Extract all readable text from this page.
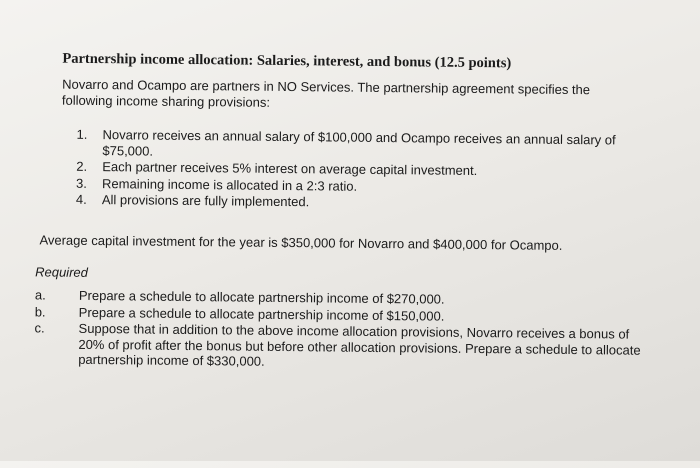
Partnership income allocation: Salaries, interest, and bonus (12.5 points)
Novarro and Ocampo are partners in NO Services. The partnership agreement specifies the following income sharing provisions:
1.	Novarro receives an annual salary of $100,000 and Ocampo receives an annual salary of $75,000.
2.	Each partner receives 5% interest on average capital investment.
3.	Remaining income is allocated in a 2:3 ratio.
4.	All provisions are fully implemented.
Average capital investment for the year is $350,000 for Novarro and $400,000 for Ocampo.
Required
a.	Prepare a schedule to allocate partnership income of $270,000.
b.	Prepare a schedule to allocate partnership income of $150,000.
c.	Suppose that in addition to the above income allocation provisions, Novarro receives a bonus of 20% of profit after the bonus but before other allocation provisions. Prepare a schedule to allocate partnership income of $330,000.
